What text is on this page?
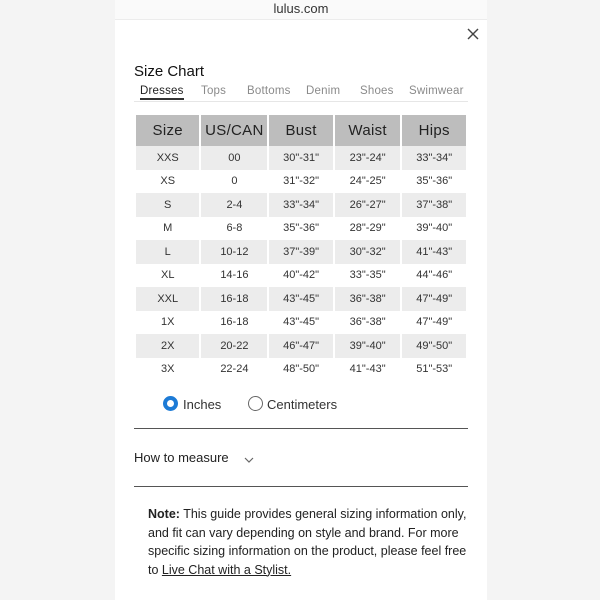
lulus.com
Size Chart
Dresses Tops Bottoms Denim Shoes Swimwear
Size	US/CAN	Bust	Waist	Hips
XXS	00	30"-31"	23"-24"	33"-34"
XS	0	31"-32"	24"-25"	35"-36"
S	2-4	33"-34"	26"-27"	37"-38"
M	6-8	35"-36"	28"-29"	39"-40"
L	10-12	37"-39"	30"-32"	41"-43"
XL	14-16	40"-42"	33"-35"	44"-46"
XXL	16-18	43"-45"	36"-38"	47"-49"
1X	16-18	43"-45"	36"-38"	47"-49"
2X	20-22	46"-47"	39"-40"	49"-50"
3X	22-24	48"-50"	41"-43"	51"-53"
Inches	Centimeters
How to measure
Note: This guide provides general sizing information only, and fit can vary depending on style and brand. For more specific sizing information on the product, please feel free to Live Chat with a Stylist.
